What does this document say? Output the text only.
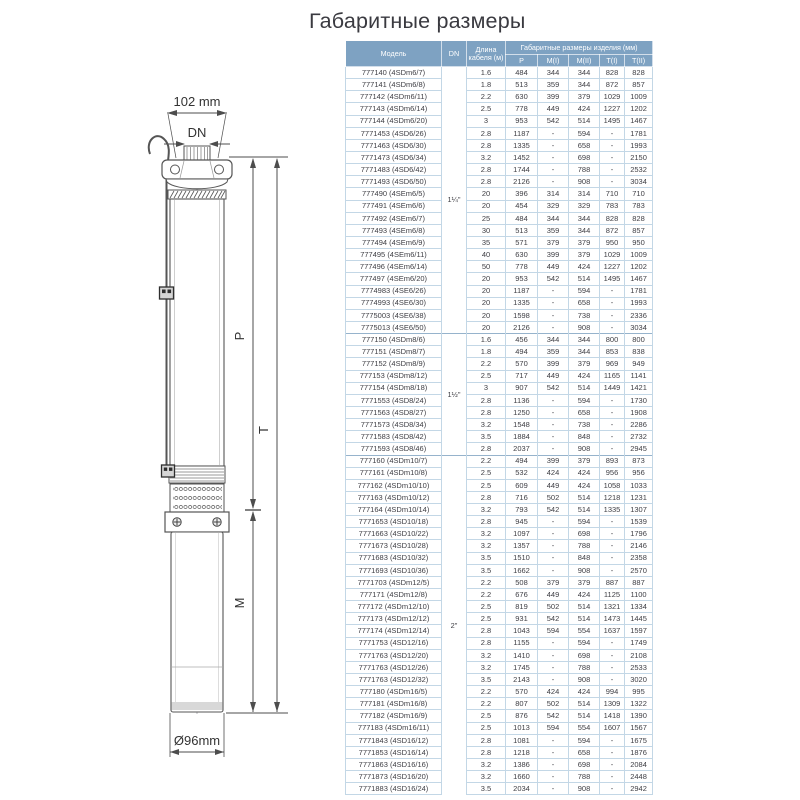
Габаритные размеры
102 mm
DN
Ø96mm
P
T
M
Модель	DN	Длина кабеля (м)	Габаритные размеры изделия (мм)				
			P	M(I)	M(II)	T(I)	T(II)
777140 (4SDm6/7)	1¼"	1.6	484	344	344	828	828
777141 (4SDm6/8)		1.8	513	359	344	872	857
777142 (4SDm6/11)		2.2	630	399	379	1029	1009
777143 (4SDm6/14)		2.5	778	449	424	1227	1202
777144 (4SDm6/20)		3	953	542	514	1495	1467
7771453 (4SD6/26)		2.8	1187	-	594	-	1781
7771463 (4SD6/30)		2.8	1335	-	658	-	1993
7771473 (4SD6/34)		3.2	1452	-	698	-	2150
7771483 (4SD6/42)		2.8	1744	-	788	-	2532
7771493 (4SD6/50)		2.8	2126	-	908	-	3034
777490 (4SEm6/5)		20	396	314	314	710	710
777491 (4SEm6/6)		20	454	329	329	783	783
777492 (4SEm6/7)		25	484	344	344	828	828
777493 (4SEm6/8)		30	513	359	344	872	857
777494 (4SEm6/9)		35	571	379	379	950	950
777495 (4SEm6/11)		40	630	399	379	1029	1009
777496 (4SEm6/14)		50	778	449	424	1227	1202
777497 (4SEm6/20)		20	953	542	514	1495	1467
7774983 (4SE6/26)		20	1187	-	594	-	1781
7774993 (4SE6/30)		20	1335	-	658	-	1993
7775003 (4SE6/38)		20	1598	-	738	-	2336
7775013 (4SE6/50)		20	2126	-	908	-	3034
777150 (4SDm8/6)	1½"	1.6	456	344	344	800	800
777151 (4SDm8/7)		1.8	494	359	344	853	838
777152 (4SDm8/9)		2.2	570	399	379	969	949
777153 (4SDm8/12)		2.5	717	449	424	1165	1141
777154 (4SDm8/18)		3	907	542	514	1449	1421
7771553 (4SD8/24)		2.8	1136	-	594	-	1730
7771563 (4SD8/27)		2.8	1250	-	658	-	1908
7771573 (4SD8/34)		3.2	1548	-	738	-	2286
7771583 (4SD8/42)		3.5	1884	-	848	-	2732
7771593 (4SD8/46)		2.8	2037	-	908	-	2945
777160 (4SDm10/7)	2"	2.2	494	399	379	893	873
777161 (4SDm10/8)		2.5	532	424	424	956	956
777162 (4SDm10/10)		2.5	609	449	424	1058	1033
777163 (4SDm10/12)		2.8	716	502	514	1218	1231
777164 (4SDm10/14)		3.2	793	542	514	1335	1307
7771653 (4SD10/18)		2.8	945	-	594	-	1539
7771663 (4SD10/22)		3.2	1097	-	698	-	1796
7771673 (4SD10/28)		3.2	1357	-	788	-	2146
7771683 (4SD10/32)		3.5	1510	-	848	-	2358
7771693 (4SD10/36)		3.5	1662	-	908	-	2570
7771703 (4SDm12/5)		2.2	508	379	379	887	887
777171 (4SDm12/8)		2.2	676	449	424	1125	1100
777172 (4SDm12/10)		2.5	819	502	514	1321	1334
777173 (4SDm12/12)		2.5	931	542	514	1473	1445
777174 (4SDm12/14)		2.8	1043	594	554	1637	1597
7771753 (4SD12/16)		2.8	1155	-	594	-	1749
7771763 (4SD12/20)		3.2	1410	-	698	-	2108
7771763 (4SD12/26)		3.2	1745	-	788	-	2533
7771763 (4SD12/32)		3.5	2143	-	908	-	3020
777180 (4SDm16/5)		2.2	570	424	424	994	995
777181 (4SDm16/8)		2.2	807	502	514	1309	1322
777182 (4SDm16/9)		2.5	876	542	514	1418	1390
777183 (4SDm16/11)		2.5	1013	594	554	1607	1567
7771843 (4SD16/12)		2.8	1081	-	594	-	1675
7771853 (4SD16/14)		2.8	1218	-	658	-	1876
7771863 (4SD16/16)		3.2	1386	-	698	-	2084
7771873 (4SD16/20)		3.2	1660	-	788	-	2448
7771883 (4SD16/24)		3.5	2034	-	908	-	2942
